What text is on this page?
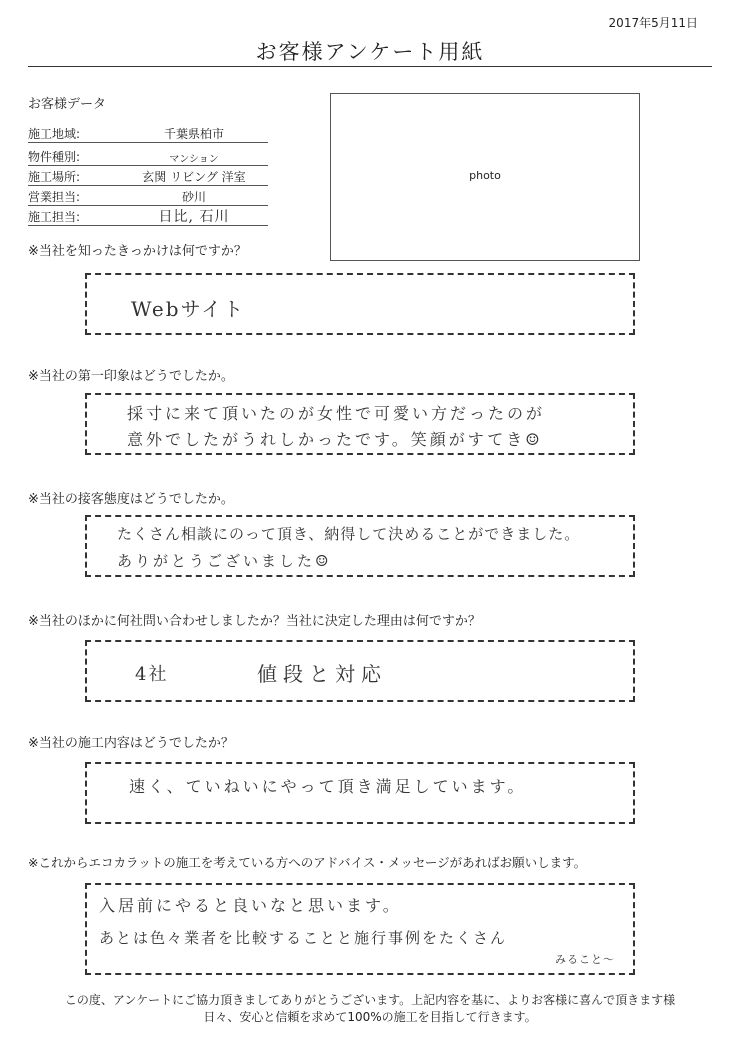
2017年5月11日
お客様アンケート用紙
お客様データ
施工地域:	千葉県柏市
物件種別:	マンション
施工場所:	玄関 リビング 洋室
営業担当:	砂川
施工担当:	日比, 石川
photo
※当社を知ったきっかけは何ですか？
Webサイト
※当社の第一印象はどうでしたか。
採寸に来て頂いたのが女性で可愛い方だったのが
意外でしたがうれしかったです。笑顔がすてき☺
※当社の接客態度はどうでしたか。
たくさん相談にのって頂き、納得して決めることができました。
ありがとうございました☺
※当社のほかに何社問い合わせしましたか？当社に決定した理由は何ですか？
4社	値段と対応
※当社の施工内容はどうでしたか？
速く、ていねいにやって頂き満足しています。
※これからエコカラットの施工を考えている方へのアドバイス・メッセージがあればお願いします。
入居前にやると良いなと思います。
あとは色々業者を比較することと施行事例をたくさん
みること〜
この度、アンケートにご協力頂きましてありがとうございます。上記内容を基に、よりお客様に喜んで頂きます様
日々、安心と信頼を求めて100%の施工を目指して行きます。
